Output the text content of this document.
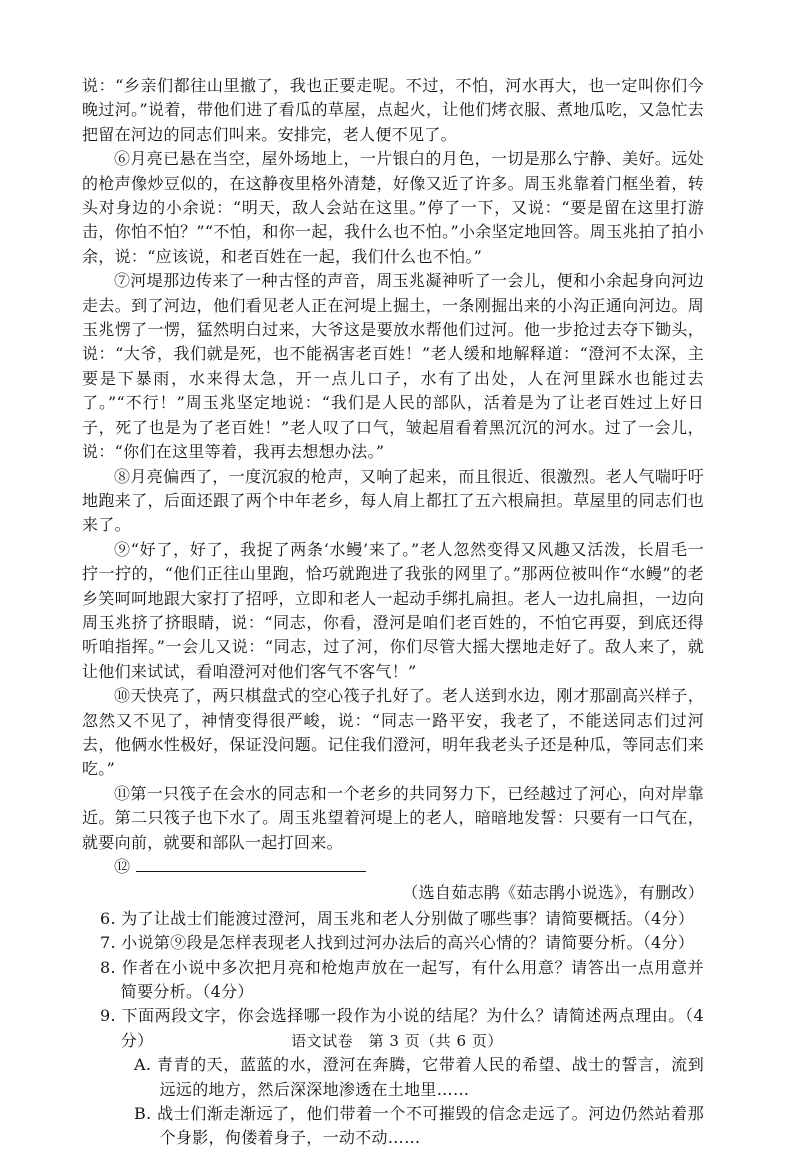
说：“乡亲们都往山里撤了，我也正要走呢。不过，不怕，河水再大，也一定叫你们今晚过河。”说着，带他们进了看瓜的草屋，点起火，让他们烤衣服、煮地瓜吃，又急忙去把留在河边的同志们叫来。安排完，老人便不见了。

⑥月亮已悬在当空，屋外场地上，一片银白的月色，一切是那么宁静、美好。远处的枪声像炒豆似的，在这静夜里格外清楚，好像又近了许多。周玉兆靠着门框坐着，转头对身边的小余说：“明天，敌人会站在这里。”停了一下，又说：“要是留在这里打游击，你怕不怕？”“不怕，和你一起，我什么也不怕。”小余坚定地回答。周玉兆拍了拍小余，说：“应该说，和老百姓在一起，我们什么也不怕。”

⑦河堤那边传来了一种古怪的声音，周玉兆凝神听了一会儿，便和小余起身向河边走去。到了河边，他们看见老人正在河堤上掘土，一条刚掘出来的小沟正通向河边。周玉兆愣了一愣，猛然明白过来，大爷这是要放水帮他们过河。他一步抢过去夺下锄头，说：“大爷，我们就是死，也不能祸害老百姓！”老人缓和地解释道：“澄河不太深，主要是下暴雨，水来得太急，开一点儿口子，水有了出处，人在河里踩水也能过去了。”“不行！”周玉兆坚定地说：“我们是人民的部队，活着是为了让老百姓过上好日子，死了也是为了老百姓！”老人叹了口气，皱起眉看着黑沉沉的河水。过了一会儿，说：“你们在这里等着，我再去想想办法。”

⑧月亮偏西了，一度沉寂的枪声，又响了起来，而且很近、很激烈。老人气喘吁吁地跑来了，后面还跟了两个中年老乡，每人肩上都扛了五六根扁担。草屋里的同志们也来了。

⑨“好了，好了，我捉了两条‘水鳗’来了。”老人忽然变得又风趣又活泼，长眉毛一拧一拧的，“他们正往山里跑，恰巧就跑进了我张的网里了。”那两位被叫作“水鳗”的老乡笑呵呵地跟大家打了招呼，立即和老人一起动手绑扎扁担。老人一边扎扁担，一边向周玉兆挤了挤眼睛，说：“同志，你看，澄河是咱们老百姓的，不怕它再耍，到底还得听咱指挥。”一会儿又说：“同志，过了河，你们尽管大摇大摆地走好了。敌人来了，就让他们来试试，看咱澄河对他们客气不客气！”

⑩天快亮了，两只棋盘式的空心筏子扎好了。老人送到水边，刚才那副高兴样子，忽然又不见了，神情变得很严峻，说：“同志一路平安，我老了，不能送同志们过河去，他俩水性极好，保证没问题。记住我们澄河，明年我老头子还是种瓜，等同志们来吃。”

⑪第一只筏子在会水的同志和一个老乡的共同努力下，已经越过了河心，向对岸靠近。第二只筏子也下水了。周玉兆望着河堤上的老人，暗暗地发誓：只要有一口气在，就要向前，就要和部队一起打回来。

⑫

（选自茹志鹃《茹志鹃小说选》，有删改）

6. 为了让战士们能渡过澄河，周玉兆和老人分别做了哪些事？请简要概括。（4分）
7. 小说第⑨段是怎样表现老人找到过河办法后的高兴心情的？请简要分析。（4分）
8. 作者在小说中多次把月亮和枪炮声放在一起写，有什么用意？请答出一点用意并简要分析。（4分）
9. 下面两段文字，你会选择哪一段作为小说的结尾？为什么？请简述两点理由。（4分）
A. 青青的天，蓝蓝的水，澄河在奔腾，它带着人民的希望、战士的誓言，流到远远的地方，然后深深地渗透在土地里……
B. 战士们渐走渐远了，他们带着一个不可摧毁的信念走远了。河边仍然站着那个身影，佝偻着身子，一动不动……
语文试卷　第 3 页（共 6 页）
